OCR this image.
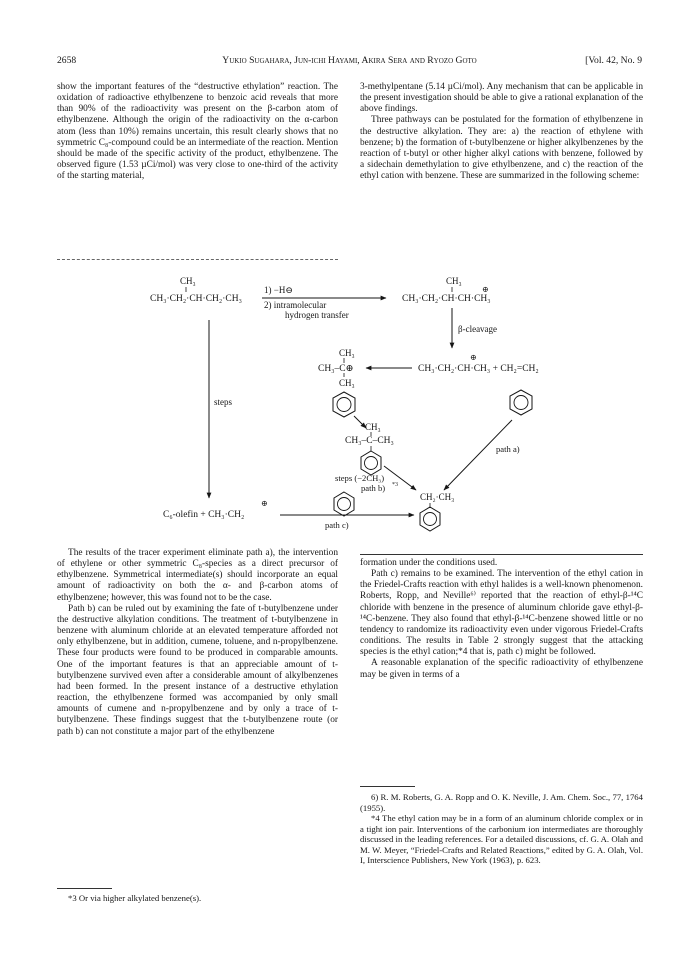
2658	Yukio Sugahara, Jun-ichi Hayami, Akira Sera and Ryozo Goto	[Vol. 42, No. 9

show the important features of the “destructive ethylation” reaction. The oxidation of radioactive ethylbenzene to benzoic acid reveals that more than 90% of the radioactivity was present on the β-carbon atom of ethylbenzene. Although the origin of the radioactivity on the α-carbon atom (less than 10%) remains uncertain, this result clearly shows that no symmetric C₈-compound could be an intermediate of the reaction. Mention should be made of the specific activity of the product, ethylbenzene. The observed figure (1.53 µCi/mol) was very close to one-third of the activity of the starting material,

3-methylpentane (5.14 µCi/mol). Any mechanism that can be applicable in the present investigation should be able to give a rational explanation of the above findings.

Three pathways can be postulated for the formation of ethylbenzene in the destructive alkylation. They are: a) the reaction of ethylene with benzene; b) the formation of t-butylbenzene or higher alkylbenzenes by the reaction of t-butyl or other higher alkyl cations with benzene, followed by a sidechain demethylation to give ethylbenzene, and c) the reaction of the ethyl cation with benzene. These are summarized in the following scheme:

CH₃
CH₃·CH₂·CH·CH₂·CH₃
1) −H⊖
2) intramolecular
hydrogen transfer
CH₃
⊕
CH₃·CH₂·CH·CH·CH₃
β-cleavage
CH₃
CH₃–C⊕
CH₃
⊕
CH₃·CH₂·CH·CH₃ + CH₂=CH₂
steps
CH₃
CH₃–C–CH₃
steps (−2CH₃)
path b) *3
path a)
CH₂·CH₃
⊕
C₆-olefin + CH₃·CH₂
path c)

The results of the tracer experiment eliminate path a), the intervention of ethylene or other symmetric C₈-species as a direct precursor of ethylbenzene. Symmetrical intermediate(s) should incorporate an equal amount of radioactivity on both the α- and β-carbon atoms of ethylbenzene; however, this was found not to be the case.

Path b) can be ruled out by examining the fate of t-butylbenzene under the destructive alkylation conditions. The treatment of t-butylbenzene in benzene with aluminum chloride at an elevated temperature afforded not only ethylbenzene, but in addition, cumene, toluene, and n-propylbenzene. These four products were found to be produced in comparable amounts. One of the important features is that an appreciable amount of t-butylbenzene survived even after a considerable amount of alkylbenzenes had been formed. In the present instance of a destructive ethylation reaction, the ethylbenzene formed was accompanied by only small amounts of cumene and n-propylbenzene and by only a trace of t-butylbenzene. These findings suggest that the t-butylbenzene route (or path b) can not constitute a major part of the ethylbenzene

formation under the conditions used.

Path c) remains to be examined. The intervention of the ethyl cation in the Friedel-Crafts reaction with ethyl halides is a well-known phenomenon. Roberts, Ropp, and Neville⁶⁾ reported that the reaction of ethyl-β-¹⁴C chloride with benzene in the presence of aluminum chloride gave ethyl-β-¹⁴C-benzene. They also found that ethyl-β-¹⁴C-benzene showed little or no tendency to randomize its radioactivity even under vigorous Friedel-Crafts conditions. The results in Table 2 strongly suggest that the attacking species is the ethyl cation;*4 that is, path c) might be followed.

A reasonable explanation of the specific radioactivity of ethylbenzene may be given in terms of a

*3 Or via higher alkylated benzene(s).

6) R. M. Roberts, G. A. Ropp and O. K. Neville, J. Am. Chem. Soc., 77, 1764 (1955).

*4 The ethyl cation may be in a form of an aluminum chloride complex or in a tight ion pair. Interventions of the carbonium ion intermediates are thoroughly discussed in the leading references. For a detailed discussions, cf. G. A. Olah and M. W. Meyer, “Friedel-Crafts and Related Reactions,” edited by G. A. Olah, Vol. I, Interscience Publishers, New York (1963), p. 623.
